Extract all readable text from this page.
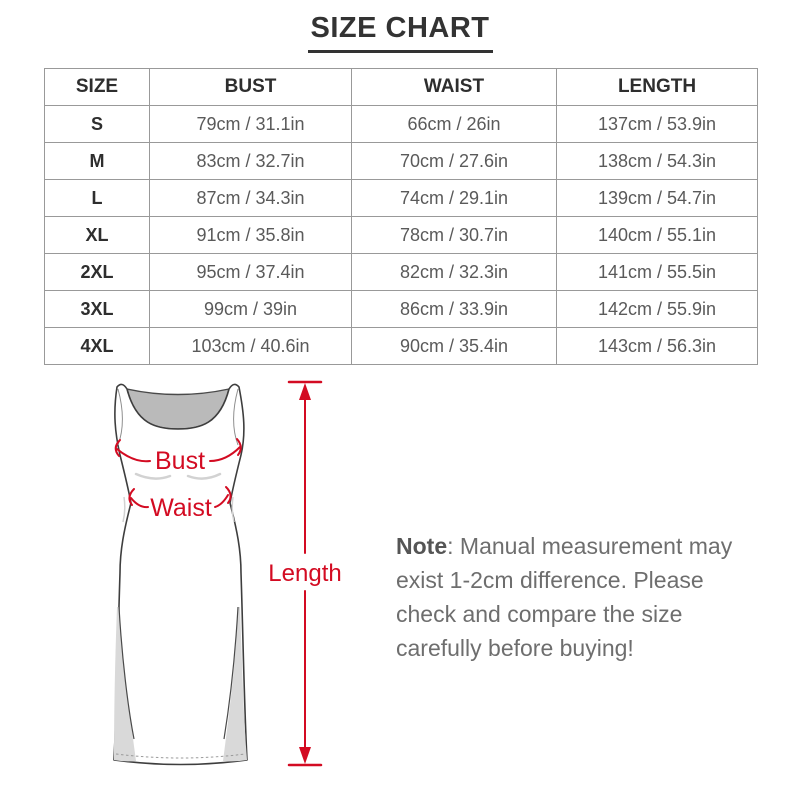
SIZE CHART
SIZE	BUST	WAIST	LENGTH
S	79cm / 31.1in	66cm / 26in	137cm / 53.9in
M	83cm / 32.7in	70cm / 27.6in	138cm / 54.3in
L	87cm / 34.3in	74cm / 29.1in	139cm / 54.7in
XL	91cm / 35.8in	78cm / 30.7in	140cm / 55.1in
2XL	95cm / 37.4in	82cm / 32.3in	141cm / 55.5in
3XL	99cm / 39in	86cm / 33.9in	142cm / 55.9in
4XL	103cm / 40.6in	90cm / 35.4in	143cm / 56.3in
Bust
Waist
Length
Note: Manual measurement may
exist 1-2cm difference. Please
check and compare the size
carefully before buying!
